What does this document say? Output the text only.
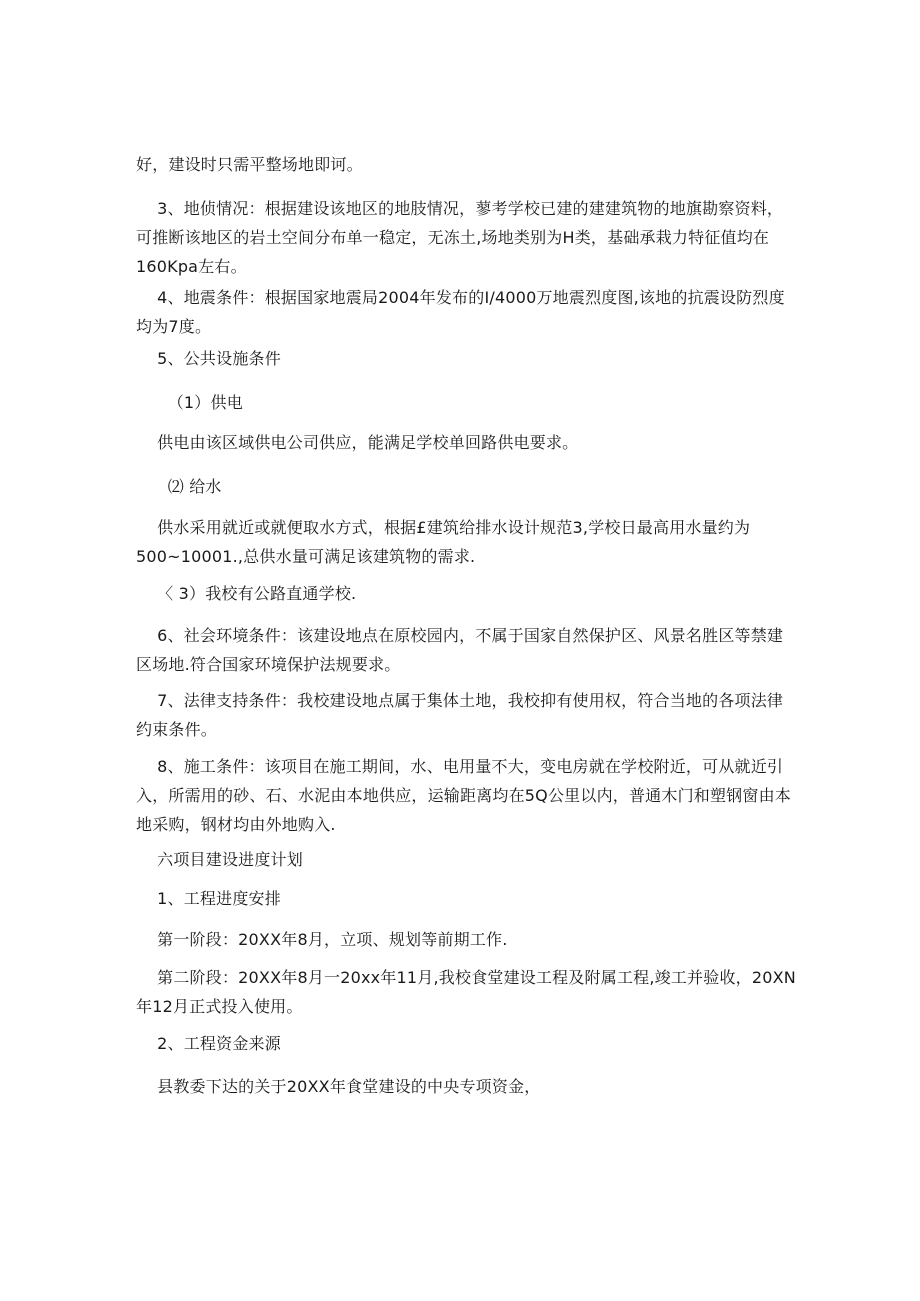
好，建设时只需平整场地即诃。
3、地侦情况：根据建设该地区的地肢情况，蓼考学校已建的建建筑物的地旗勘察资料，可推断该地区的岩土空间分布单一稳定，无冻土,场地类别为H类，基础承栽力特征值均在160Kpa左右。
4、地震条件：根据国家地震局2004年发布的I/4000万地震烈度图,该地的抗震设防烈度均为7度。
5、公共设施条件
（1）供电
供电由该区域供电公司供应，能满足学校单回路供电要求。
⑵ 给水
供水采用就近或就便取水方式，根据£建筑给排水设计规范3,学校日最高用水量约为500~10001.,总供水量可满足该建筑物的需求.
〈 3）我校有公路直通学校.
6、社会环境条件：该建设地点在原校园内，不属于国家自然保护区、风景名胜区等禁建区场地.符合国家环境保护法规要求。
7、法律支持条件：我校建设地点属于集体土地，我校抑有使用权，符合当地的各项法律约束条件。
8、施工条件：该项目在施工期间，水、电用量不大，变电房就在学校附近，可从就近引入，所需用的砂、石、水泥由本地供应，运输距离均在5Q公里以内，普通木门和塑钢窗由本地采购，钢材均由外地购入.
六项目建设进度计划
1、工程进度安排
第一阶段：20XX年8月，立项、规划等前期工作.
第二阶段：20XX年8月一20xx年11月,我校食堂建设工程及附属工程,竣工并验收，20XN年12月正式投入使用。
2、工程资金来源
县教委下达的关于20XX年食堂建设的中央专项资金，
